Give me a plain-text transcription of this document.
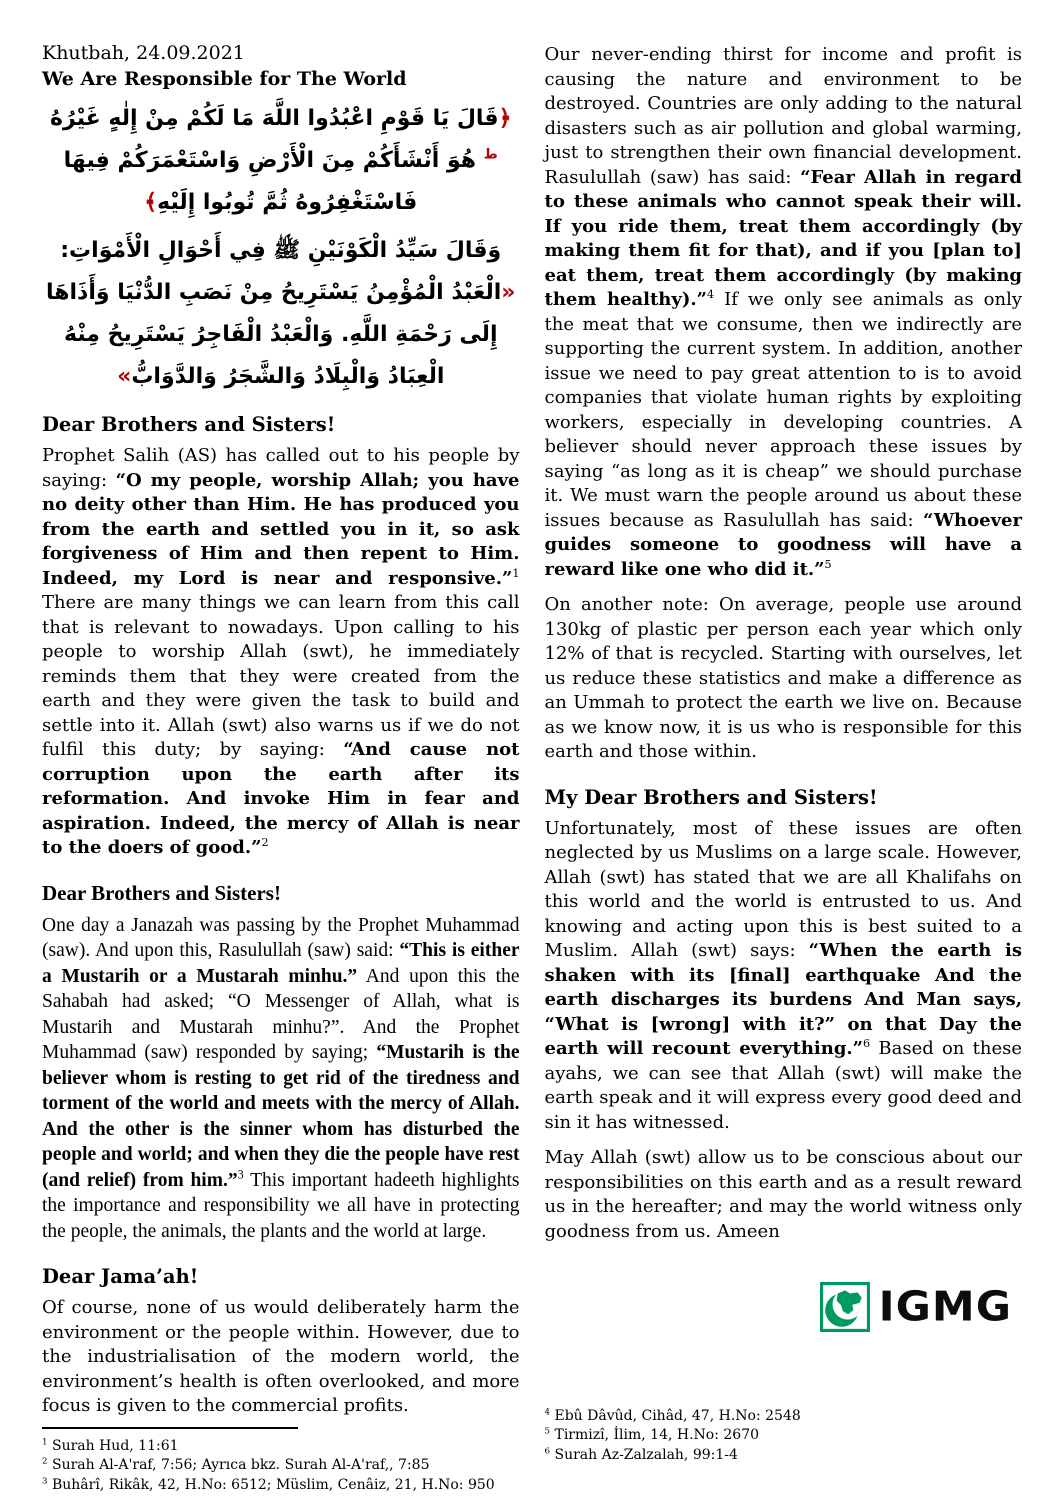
Khutbah, 24.09.2021
We Are Responsible for The World
﴿قَالَ يَا قَوْمِ اعْبُدُوا اللَّهَ مَا لَكُمْ مِنْ إِلٰهٍ غَيْرُهُ $^ط$ هُوَ أَنْشَأَكُمْ مِنَ الْأَرْضِ وَاسْتَعْمَرَكُمْ فِيهَا فَاسْتَغْفِرُوهُ ثُمَّ تُوبُوا إِلَيْهِ﴾
وَقَالَ سَيِّدُ الْكَوْنَيْنِ ﷺ فِي أَحْوَالِ الْأَمْوَاتِ: «الْعَبْدُ الْمُؤْمِنُ يَسْتَرِيحُ مِنْ نَصَبِ الدُّنْيَا وَأَذَاهَا إِلَى رَحْمَةِ اللَّهِ. وَالْعَبْدُ الْفَاجِرُ يَسْتَرِيحُ مِنْهُ الْعِبَادُ وَالْبِلَادُ وَالشَّجَرُ وَالدَّوَابُّ»
Dear Brothers and Sisters!
Prophet Salih (AS) has called out to his people by saying: “O my people, worship Allah; you have no deity other than Him. He has produced you from the earth and settled you in it, so ask forgiveness of Him and then repent to Him. Indeed, my Lord is near and responsive.”$^1$ There are many things we can learn from this call that is relevant to nowadays. Upon calling to his people to worship Allah (swt), he immediately reminds them that they were created from the earth and they were given the task to build and settle into it. Allah (swt) also warns us if we do not fulfil this duty; by saying: “And cause not corruption upon the earth after its reformation. And invoke Him in fear and aspiration. Indeed, the mercy of Allah is near to the doers of good.”$^2$
Dear Brothers and Sisters!
One day a Janazah was passing by the Prophet Muhammad (saw). And upon this, Rasulullah (saw) said: “This is either a Mustarih or a Mustarah minhu.” And upon this the Sahabah had asked; “O Messenger of Allah, what is Mustarih and Mustarah minhu?”. And the Prophet Muhammad (saw) responded by saying; “Mustarih is the believer whom is resting to get rid of the tiredness and torment of the world and meets with the mercy of Allah. And the other is the sinner whom has disturbed the people and world; and when they die the people have rest (and relief) from him.”$^3$ This important hadeeth highlights the importance and responsibility we all have in protecting the people, the animals, the plants and the world at large.
Dear Jama’ah!
Of course, none of us would deliberately harm the environment or the people within. However, due to the industrialisation of the modern world, the environment’s health is often overlooked, and more focus is given to the commercial profits.
$^1$ Surah Hud, 11:61
$^2$ Surah Al-A'raf, 7:56; Ayrıca bkz. Surah Al-A'raf,, 7:85
$^3$ Buhârî, Rikâk, 42, H.No: 6512; Müslim, Cenâiz, 21, H.No: 950
Our never-ending thirst for income and profit is causing the nature and environment to be destroyed. Countries are only adding to the natural disasters such as air pollution and global warming, just to strengthen their own financial development. Rasulullah (saw) has said: “Fear Allah in regard to these animals who cannot speak their will. If you ride them, treat them accordingly (by making them fit for that), and if you [plan to] eat them, treat them accordingly (by making them healthy).”$^4$ If we only see animals as only the meat that we consume, then we indirectly are supporting the current system. In addition, another issue we need to pay great attention to is to avoid companies that violate human rights by exploiting workers, especially in developing countries. A believer should never approach these issues by saying “as long as it is cheap” we should purchase it. We must warn the people around us about these issues because as Rasulullah has said: “Whoever guides someone to goodness will have a reward like one who did it.”$^5$
On another note: On average, people use around 130kg of plastic per person each year which only 12% of that is recycled. Starting with ourselves, let us reduce these statistics and make a difference as an Ummah to protect the earth we live on. Because as we know now, it is us who is responsible for this earth and those within.
My Dear Brothers and Sisters!
Unfortunately, most of these issues are often neglected by us Muslims on a large scale. However, Allah (swt) has stated that we are all Khalifahs on this world and the world is entrusted to us. And knowing and acting upon this is best suited to a Muslim. Allah (swt) says: “When the earth is shaken with its [final] earthquake And the earth discharges its burdens And Man says, “What is [wrong] with it?” on that Day the earth will recount everything.”$^6$ Based on these ayahs, we can see that Allah (swt) will make the earth speak and it will express every good deed and sin it has witnessed.
May Allah (swt) allow us to be conscious about our responsibilities on this earth and as a result reward us in the hereafter; and may the world witness only goodness from us. Ameen
IGMG
$^4$ Ebû Dâvûd, Cihâd, 47, H.No: 2548
$^5$ Tirmizî, İlim, 14, H.No: 2670
$^6$ Surah Az-Zalzalah, 99:1-4
